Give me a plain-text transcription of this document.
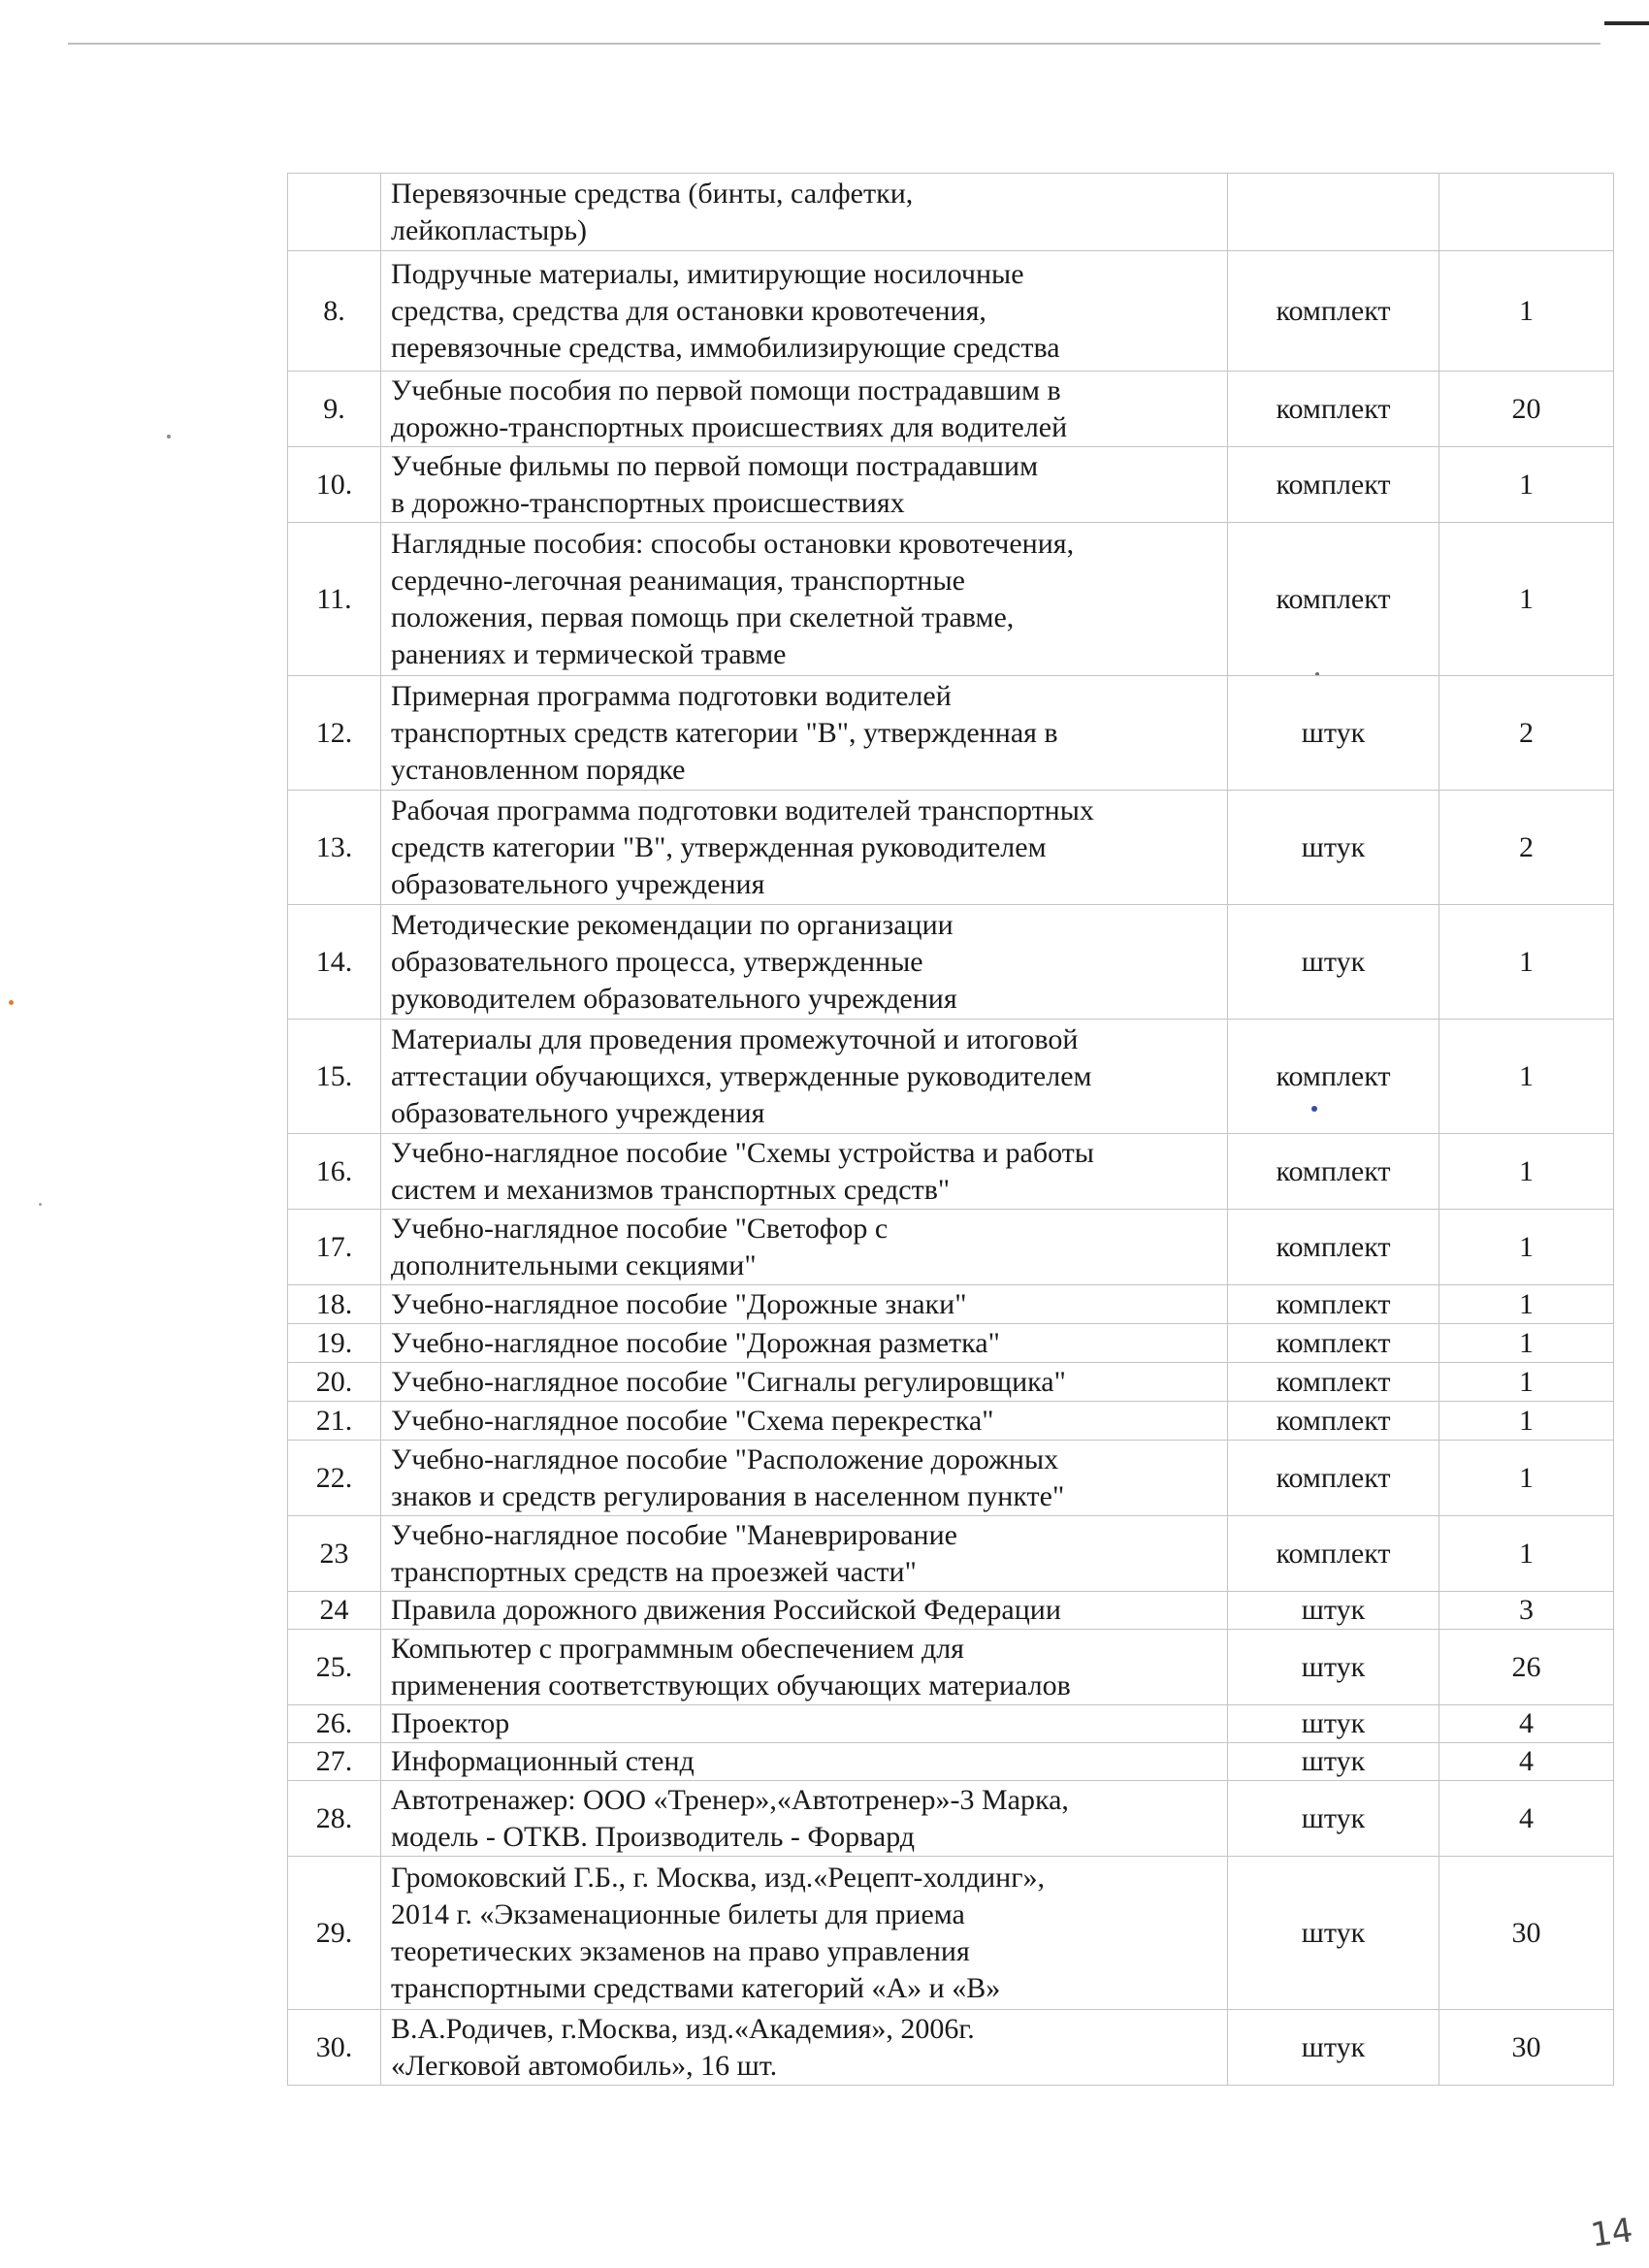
	Перевязочные средства (бинты, салфетки,
лейкопластырь)		
8.	Подручные материалы, имитирующие носилочные
средства, средства для остановки кровотечения,
перевязочные средства, иммобилизирующие средства	комплект	1
9.	Учебные пособия по первой помощи пострадавшим в
дорожно-транспортных происшествиях для водителей	комплект	20
10.	Учебные фильмы по первой помощи пострадавшим
в дорожно-транспортных происшествиях	комплект	1
11.	Наглядные пособия: способы остановки кровотечения,
сердечно-легочная реанимация, транспортные
положения, первая помощь при скелетной травме,
ранениях и термической травме	комплект	1
12.	Примерная программа подготовки водителей
транспортных средств категории "В", утвержденная в
установленном порядке	штук	2
13.	Рабочая программа подготовки водителей транспортных
средств категории "В", утвержденная руководителем
образовательного учреждения	штук	2
14.	Методические рекомендации по организации
образовательного процесса, утвержденные
руководителем образовательного учреждения	штук	1
15.	Материалы для проведения промежуточной и итоговой
аттестации обучающихся, утвержденные руководителем
образовательного учреждения	комплект	1
16.	Учебно-наглядное пособие "Схемы устройства и работы
систем и механизмов транспортных средств"	комплект	1
17.	Учебно-наглядное пособие "Светофор с
дополнительными секциями"	комплект	1
18.	Учебно-наглядное пособие "Дорожные знаки"	комплект	1
19.	Учебно-наглядное пособие "Дорожная разметка"	комплект	1
20.	Учебно-наглядное пособие "Сигналы регулировщика"	комплект	1
21.	Учебно-наглядное пособие "Схема перекрестка"	комплект	1
22.	Учебно-наглядное пособие "Расположение дорожных
знаков и средств регулирования в населенном пункте"	комплект	1
23	Учебно-наглядное пособие "Маневрирование
транспортных средств на проезжей части"	комплект	1
24	Правила дорожного движения Российской Федерации	штук	3
25.	Компьютер с программным обеспечением для
применения соответствующих обучающих материалов	штук	26
26.	Проектор	штук	4
27.	Информационный стенд	штук	4
28.	Автотренажер: ООО «Тренер»,«Автотренер»-3 Марка,
модель - ОТКВ. Производитель - Форвард	штук	4
29.	Громоковский Г.Б., г. Москва, изд.«Рецепт-холдинг»,
2014 г. «Экзаменационные билеты для приема
теоретических экзаменов на право управления
транспортными средствами категорий «А» и «В»	штук	30
30.	В.А.Родичев, г.Москва, изд.«Академия», 2006г.
«Легковой автомобиль», 16 шт.	штук	30
14
